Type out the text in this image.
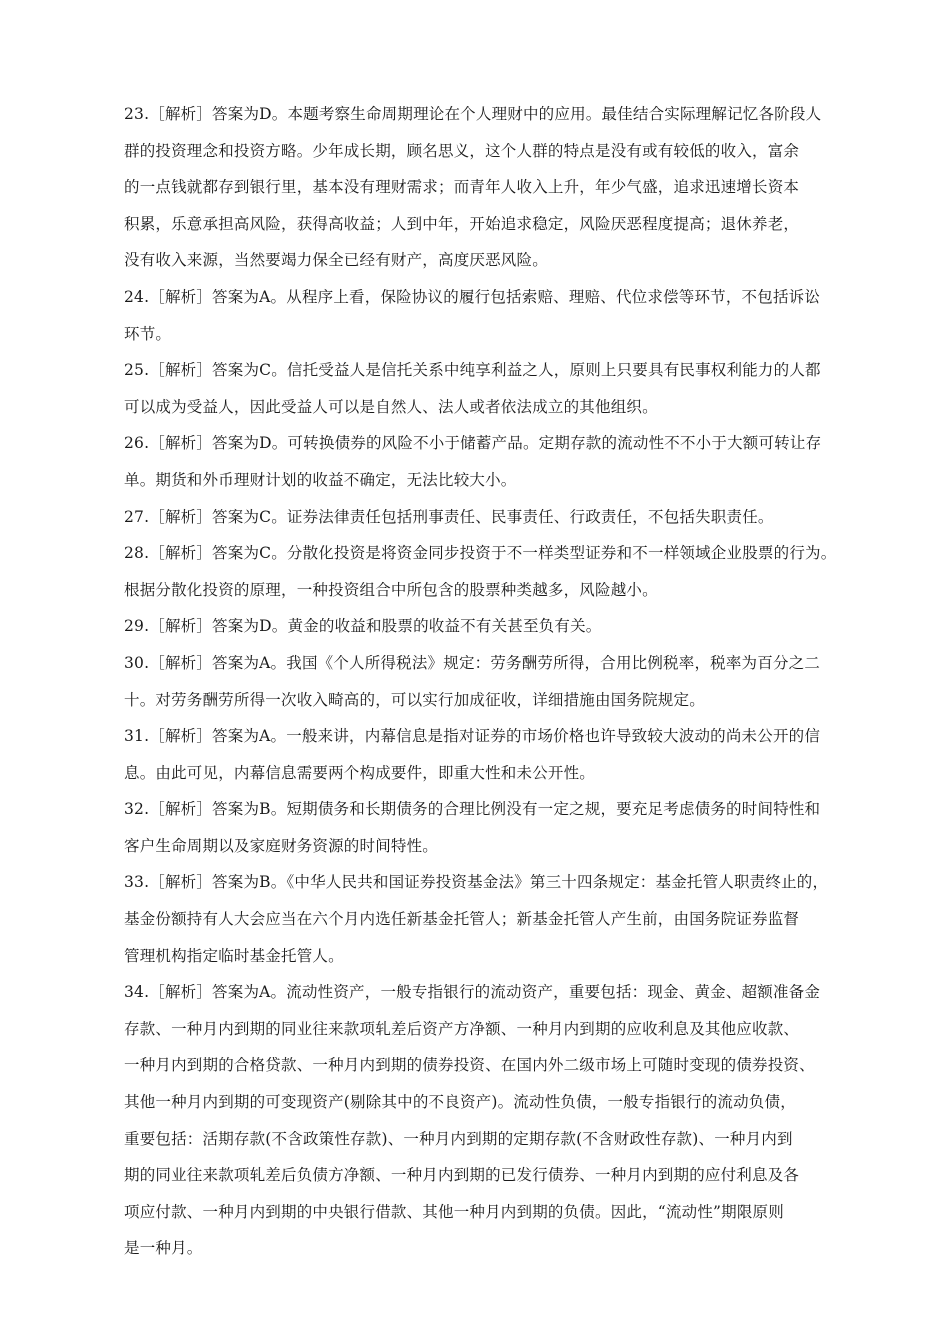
23.［解析］答案为D。本题考察生命周期理论在个人理财中的应用。最佳结合实际理解记忆各阶段人
群的投资理念和投资方略。少年成长期，顾名思义，这个人群的特点是没有或有较低的收入，富余
的一点钱就都存到银行里，基本没有理财需求；而青年人收入上升，年少气盛，追求迅速增长资本
积累，乐意承担高风险，获得高收益；人到中年，开始追求稳定，风险厌恶程度提高；退休养老，
没有收入来源，当然要竭力保全已经有财产，高度厌恶风险。
24.［解析］答案为A。从程序上看，保险协议的履行包括索赔、理赔、代位求偿等环节，不包括诉讼
环节。
25.［解析］答案为C。信托受益人是信托关系中纯享利益之人，原则上只要具有民事权利能力的人都
可以成为受益人，因此受益人可以是自然人、法人或者依法成立的其他组织。
26.［解析］答案为D。可转换债券的风险不小于储蓄产品。定期存款的流动性不不小于大额可转让存
单。期货和外币理财计划的收益不确定，无法比较大小。
27.［解析］答案为C。证券法律责任包括刑事责任、民事责任、行政责任，不包括失职责任。
28.［解析］答案为C。分散化投资是将资金同步投资于不一样类型证券和不一样领域企业股票的行为。
根据分散化投资的原理，一种投资组合中所包含的股票种类越多，风险越小。
29.［解析］答案为D。黄金的收益和股票的收益不有关甚至负有关。
30.［解析］答案为A。我国《个人所得税法》规定：劳务酬劳所得，合用比例税率，税率为百分之二
十。对劳务酬劳所得一次收入畸高的，可以实行加成征收，详细措施由国务院规定。
31.［解析］答案为A。一般来讲，内幕信息是指对证券的市场价格也许导致较大波动的尚未公开的信
息。由此可见，内幕信息需要两个构成要件，即重大性和未公开性。
32.［解析］答案为B。短期债务和长期债务的合理比例没有一定之规，要充足考虑债务的时间特性和
客户生命周期以及家庭财务资源的时间特性。
33.［解析］答案为B。《中华人民共和国证券投资基金法》第三十四条规定：基金托管人职责终止的，
基金份额持有人大会应当在六个月内选任新基金托管人；新基金托管人产生前，由国务院证券监督
管理机构指定临时基金托管人。
34.［解析］答案为A。流动性资产，一般专指银行的流动资产，重要包括：现金、黄金、超额准备金
存款、一种月内到期的同业往来款项轧差后资产方净额、一种月内到期的应收利息及其他应收款、
一种月内到期的合格贷款、一种月内到期的债券投资、在国内外二级市场上可随时变现的债券投资、
其他一种月内到期的可变现资产(剔除其中的不良资产)。流动性负债，一般专指银行的流动负债，
重要包括：活期存款(不含政策性存款)、一种月内到期的定期存款(不含财政性存款)、一种月内到
期的同业往来款项轧差后负债方净额、一种月内到期的已发行债券、一种月内到期的应付利息及各
项应付款、一种月内到期的中央银行借款、其他一种月内到期的负债。因此，“流动性”期限原则
是一种月。
